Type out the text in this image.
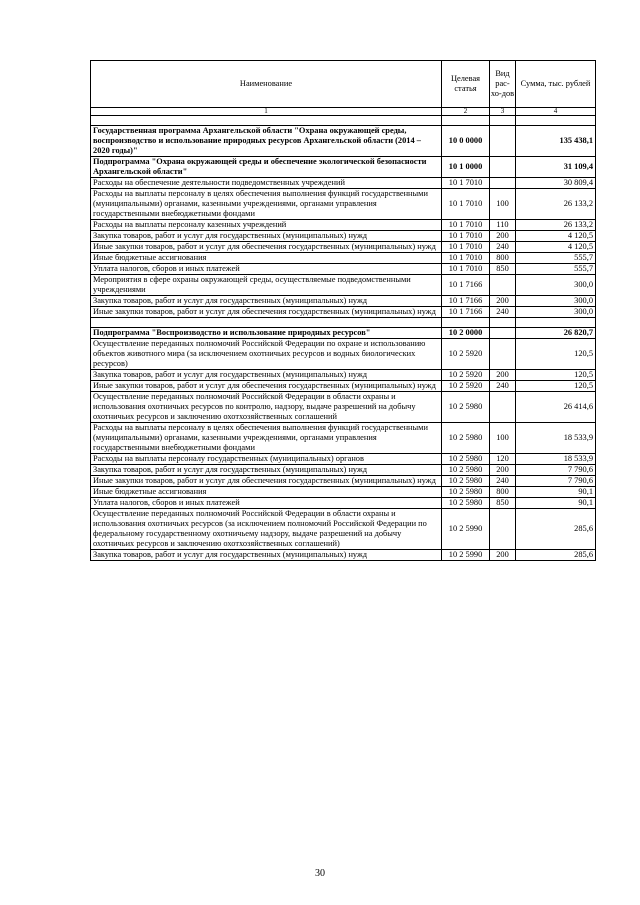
Наименование	Целевая статья	Вид рас-хо-дов	Сумма, тыс. рублей
1	2	3	4

Государственная программа Архангельской области "Охрана окружающей среды, воспроизводство и использование природных ресурсов Архангельской области (2014 – 2020 годы)"	10 0 0000		135 438,1
Подпрограмма "Охрана окружающей среды и обеспечение экологической безопасности Архангельской области"	10 1 0000		31 109,4
Расходы на обеспечение деятельности подведомственных учреждений	10 1 7010		30 809,4
Расходы на выплаты персоналу в целях обеспечения выполнения функций государственными (муниципальными) органами, казенными учреждениями, органами управления государственными внебюджетными фондами	10 1 7010	100	26 133,2
Расходы на выплаты персоналу казенных учреждений	10 1 7010	110	26 133,2
Закупка товаров, работ и услуг для государственных (муниципальных) нужд	10 1 7010	200	4 120,5
Иные закупки товаров, работ и услуг для обеспечения государственных (муниципальных) нужд	10 1 7010	240	4 120,5
Иные бюджетные ассигнования	10 1 7010	800	555,7
Уплата налогов, сборов и иных платежей	10 1 7010	850	555,7
Мероприятия в сфере охраны окружающей среды, осуществляемые подведомственными учреждениями	10 1 7166		300,0
Закупка товаров, работ и услуг для государственных (муниципальных) нужд	10 1 7166	200	300,0
Иные закупки товаров, работ и услуг для обеспечения государственных (муниципальных) нужд	10 1 7166	240	300,0

Подпрограмма "Воспроизводство и использование природных ресурсов"	10 2 0000		26 820,7
Осуществление переданных полномочий Российской Федерации по охране и использованию объектов животного мира (за исключением охотничьих ресурсов и водных биологических ресурсов)	10 2 5920		120,5
Закупка товаров, работ и услуг для государственных (муниципальных) нужд	10 2 5920	200	120,5
Иные закупки товаров, работ и услуг для обеспечения государственных (муниципальных) нужд	10 2 5920	240	120,5
Осуществление переданных полномочий Российской Федерации в области охраны и использования охотничьих ресурсов по контролю, надзору, выдаче разрешений на добычу охотничьих ресурсов и заключению охотхозяйственных соглашений	10 2 5980		26 414,6
Расходы на выплаты персоналу в целях обеспечения выполнения функций государственными (муниципальными) органами, казенными учреждениями, органами управления государственными внебюджетными фондами	10 2 5980	100	18 533,9
Расходы на выплаты персоналу государственных (муниципальных) органов	10 2 5980	120	18 533,9
Закупка товаров, работ и услуг для государственных (муниципальных) нужд	10 2 5980	200	7 790,6
Иные закупки товаров, работ и услуг для обеспечения государственных (муниципальных) нужд	10 2 5980	240	7 790,6
Иные бюджетные ассигнования	10 2 5980	800	90,1
Уплата налогов, сборов и иных платежей	10 2 5980	850	90,1
Осуществление переданных полномочий Российской Федерации в области охраны и использования охотничьих ресурсов (за исключением полномочий Российской Федерации по федеральному государственному охотничьему надзору, выдаче разрешений на добычу охотничьих ресурсов и заключению охотхозяйственных соглашений)	10 2 5990		285,6
Закупка товаров, работ и услуг для государственных (муниципальных) нужд	10 2 5990	200	285,6
30
